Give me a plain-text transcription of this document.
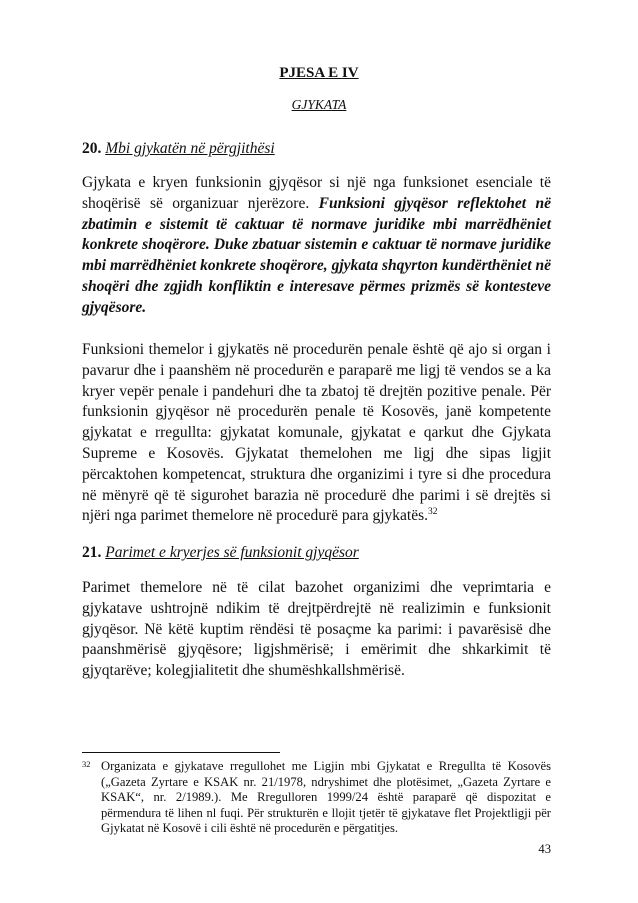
PJESA E IV
GJYKATA
20. Mbi gjykatën në përgjithësi
Gjykata e kryen funksionin gjyqësor si një nga funksionet esenciale të shoqërisë së organizuar njerëzore. Funksioni gjyqësor reflektohet në zbatimin e sistemit të caktuar të normave juridike mbi marrëdhëniet konkrete shoqërore. Duke zbatuar sistemin e caktuar të normave juridike mbi marrëdhëniet konkrete shoqërore, gjykata shqyrton kundërthëniet në shoqëri dhe zgjidh konfliktin e interesave përmes prizmës së kontesteve gjyqësore.
Funksioni themelor i gjykatës në procedurën penale është që ajo si organ i pavarur dhe i paanshëm në procedurën e paraparë me ligj të vendos se a ka kryer vepër penale i pandehuri dhe ta zbatoj të drejtën pozitive penale. Për funksionin gjyqësor në procedurën penale të Kosovës, janë kompetente gjykatat e rregullta: gjykatat komunale, gjykatat e qarkut dhe Gjykata Supreme e Kosovës. Gjykatat themelohen me ligj dhe sipas ligjit përcaktohen kompetencat, struktura dhe organizimi i tyre si dhe procedura në mënyrë që të sigurohet barazia në procedurë dhe parimi i së drejtës si njëri nga parimet themelore në procedurë para gjykatës.$^{32}$
21. Parimet e kryerjes së funksionit gjyqësor
Parimet themelore në të cilat bazohet organizimi dhe veprimtaria e gjykatave ushtrojnë ndikim të drejtpërdrejtë në realizimin e funksionit gjyqësor. Në këtë kuptim rëndësi të posaçme ka parimi: i pavarësisë dhe paanshmërisë gjyqësore; ligjshmërisë; i emërimit dhe shkarkimit të gjyqtarëve; kolegjialitetit dhe shumëshkallshmërisë.
32 Organizata e gjykatave rregullohet me Ligjin mbi Gjykatat e Rregullta të Kosovës („Gazeta Zyrtare e KSAK nr. 21/1978, ndryshimet dhe plotësimet, „Gazeta Zyrtare e KSAK“, nr. 2/1989.). Me Rregulloren 1999/24 është paraparë që dispozitat e përmendura të lihen nl fuqi. Për strukturën e llojit tjetër të gjykatave flet Projektligji për Gjykatat në Kosovë i cili është në procedurën e përgatitjes.
43
